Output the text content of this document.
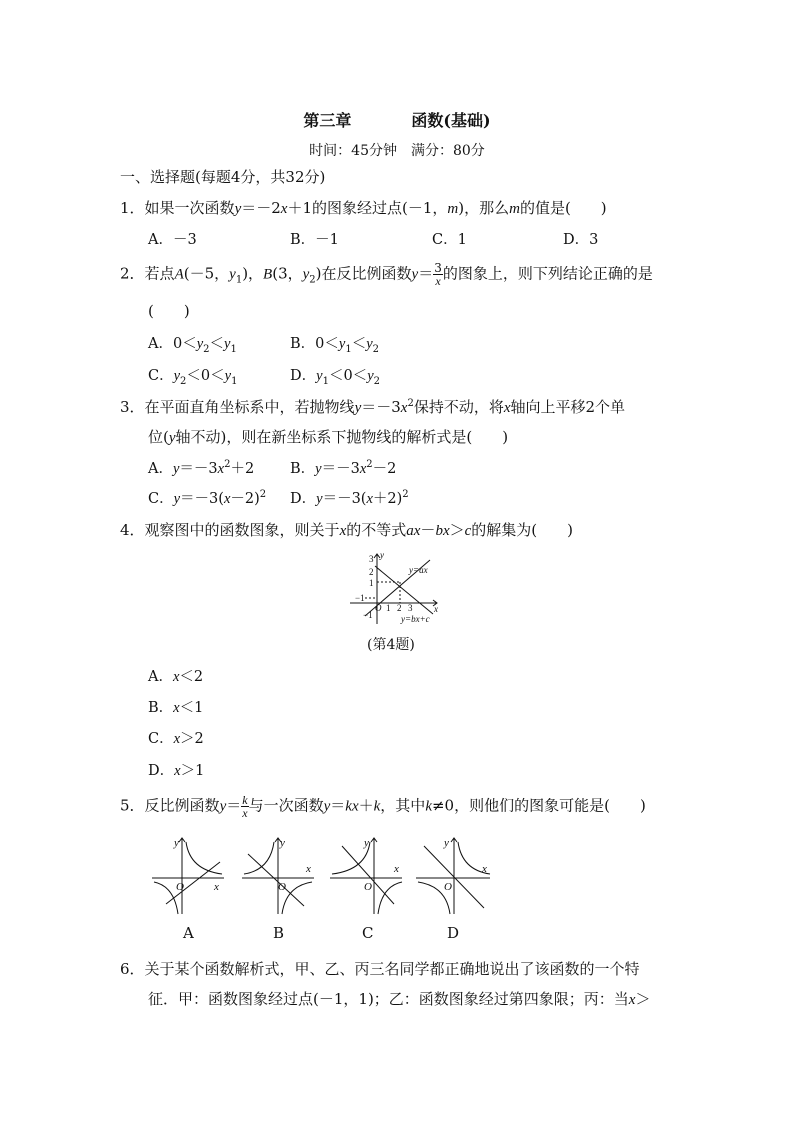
第三章	函数(基础)
时间：45分钟　满分：80分
一、选择题(每题4分，共32分)
1．如果一次函数y＝－2x＋1的图象经过点(－1，m)，那么m的值是(　　)
A．－3	B．－1	C．1	D．3
2．若点A(－5，$y_1$)，B(3，$y_2$)在反比例函数$y= \frac{3}{x}$ 的图象上，则下列结论正确的是
(　　)
A．$0<y_2<y_1$	B．$0<y_1<y_2$
C．$y_2<0<y_1$	D．$y_1<0<y_2$
3．在平面直角坐标系中，若抛物线$y=-3x^2$保持不动，将x轴向上平移2个单
位(y轴不动)，则在新坐标系下抛物线的解析式是(　　)
A．$y=-3x^2+2$ B．$y=-3x^2-2$
C．$y=-3(x-2)^2$ D．$y=-3(x+2)^2$
4．观察图中的函数图象，则关于x的不等式ax－bx＞c的解集为(　　)
y
x
3
2
1
−1
−1
O 1 2 3
y=ax
y=bx+c
(第4题)
A．x＜2
B．x＜1
C．x＞2
D．x＞1
5．反比例函数$y= \frac{k}{x}$ 与一次函数y＝kx＋k，其中k≠0，则他们的图象可能是(　　)
y
x
O
y
x
O
y
x
O
y
x
O
A	B	C	D
6．关于某个函数解析式，甲、乙、丙三名同学都正确地说出了该函数的一个特
征．甲：函数图象经过点(－1，1)；乙：函数图象经过第四象限；丙：当x＞
